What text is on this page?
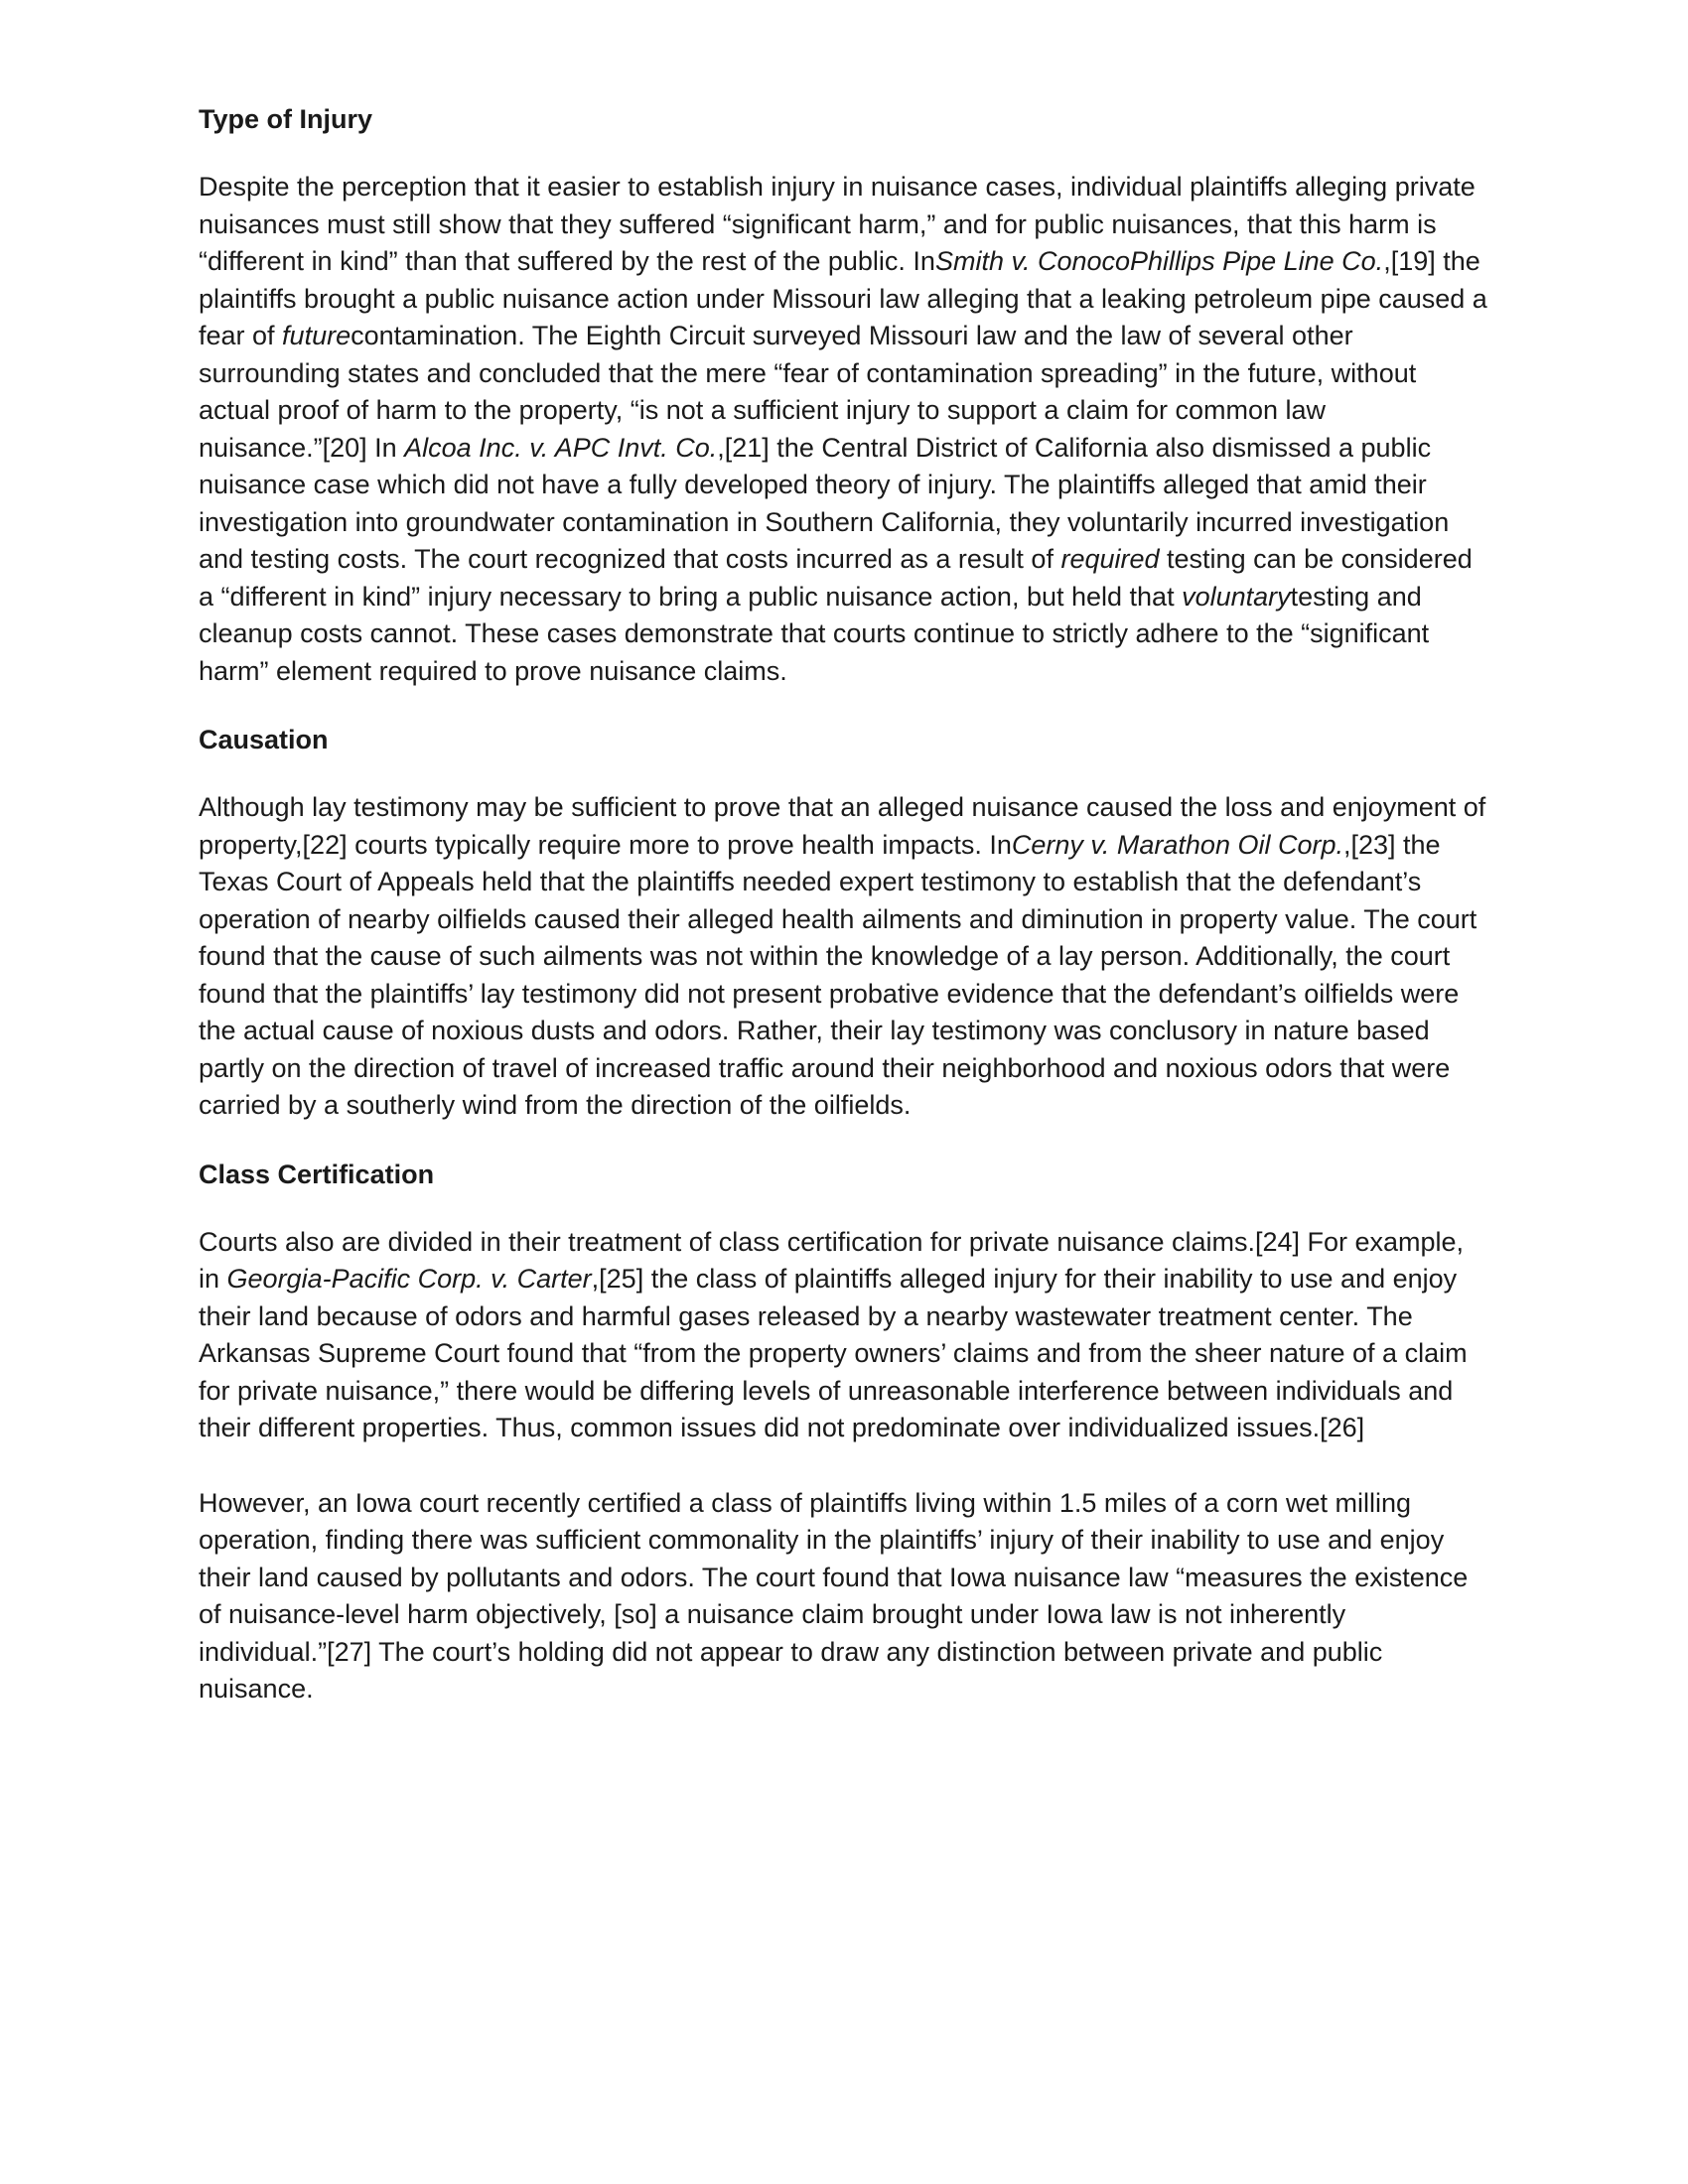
Type of Injury

Despite the perception that it easier to establish injury in nuisance cases, individual plaintiffs alleging private nuisances must still show that they suffered “significant harm,” and for public nuisances, that this harm is “different in kind” than that suffered by the rest of the public. InSmith v. ConocoPhillips Pipe Line Co.,[19] the plaintiffs brought a public nuisance action under Missouri law alleging that a leaking petroleum pipe caused a fear of futurecontamination. The Eighth Circuit surveyed Missouri law and the law of several other surrounding states and concluded that the mere “fear of contamination spreading” in the future, without actual proof of harm to the property, “is not a sufficient injury to support a claim for common law nuisance.”[20] In Alcoa Inc. v. APC Invt. Co.,[21] the Central District of California also dismissed a public nuisance case which did not have a fully developed theory of injury. The plaintiffs alleged that amid their investigation into groundwater contamination in Southern California, they voluntarily incurred investigation and testing costs. The court recognized that costs incurred as a result of required testing can be considered a “different in kind” injury necessary to bring a public nuisance action, but held that voluntarytesting and cleanup costs cannot. These cases demonstrate that courts continue to strictly adhere to the “significant harm” element required to prove nuisance claims.

Causation

Although lay testimony may be sufficient to prove that an alleged nuisance caused the loss and enjoyment of property,[22] courts typically require more to prove health impacts. InCerny v. Marathon Oil Corp.,[23] the Texas Court of Appeals held that the plaintiffs needed expert testimony to establish that the defendant’s operation of nearby oilfields caused their alleged health ailments and diminution in property value. The court found that the cause of such ailments was not within the knowledge of a lay person. Additionally, the court found that the plaintiffs’ lay testimony did not present probative evidence that the defendant’s oilfields were the actual cause of noxious dusts and odors. Rather, their lay testimony was conclusory in nature based partly on the direction of travel of increased traffic around their neighborhood and noxious odors that were carried by a southerly wind from the direction of the oilfields.

Class Certification

Courts also are divided in their treatment of class certification for private nuisance claims.[24] For example, in Georgia-Pacific Corp. v. Carter,[25] the class of plaintiffs alleged injury for their inability to use and enjoy their land because of odors and harmful gases released by a nearby wastewater treatment center. The Arkansas Supreme Court found that “from the property owners’ claims and from the sheer nature of a claim for private nuisance,” there would be differing levels of unreasonable interference between individuals and their different properties. Thus, common issues did not predominate over individualized issues.[26]

However, an Iowa court recently certified a class of plaintiffs living within 1.5 miles of a corn wet milling operation, finding there was sufficient commonality in the plaintiffs’ injury of their inability to use and enjoy their land caused by pollutants and odors. The court found that Iowa nuisance law “measures the existence of nuisance-level harm objectively, [so] a nuisance claim brought under Iowa law is not inherently individual.”[27] The court’s holding did not appear to draw any distinction between private and public nuisance.
